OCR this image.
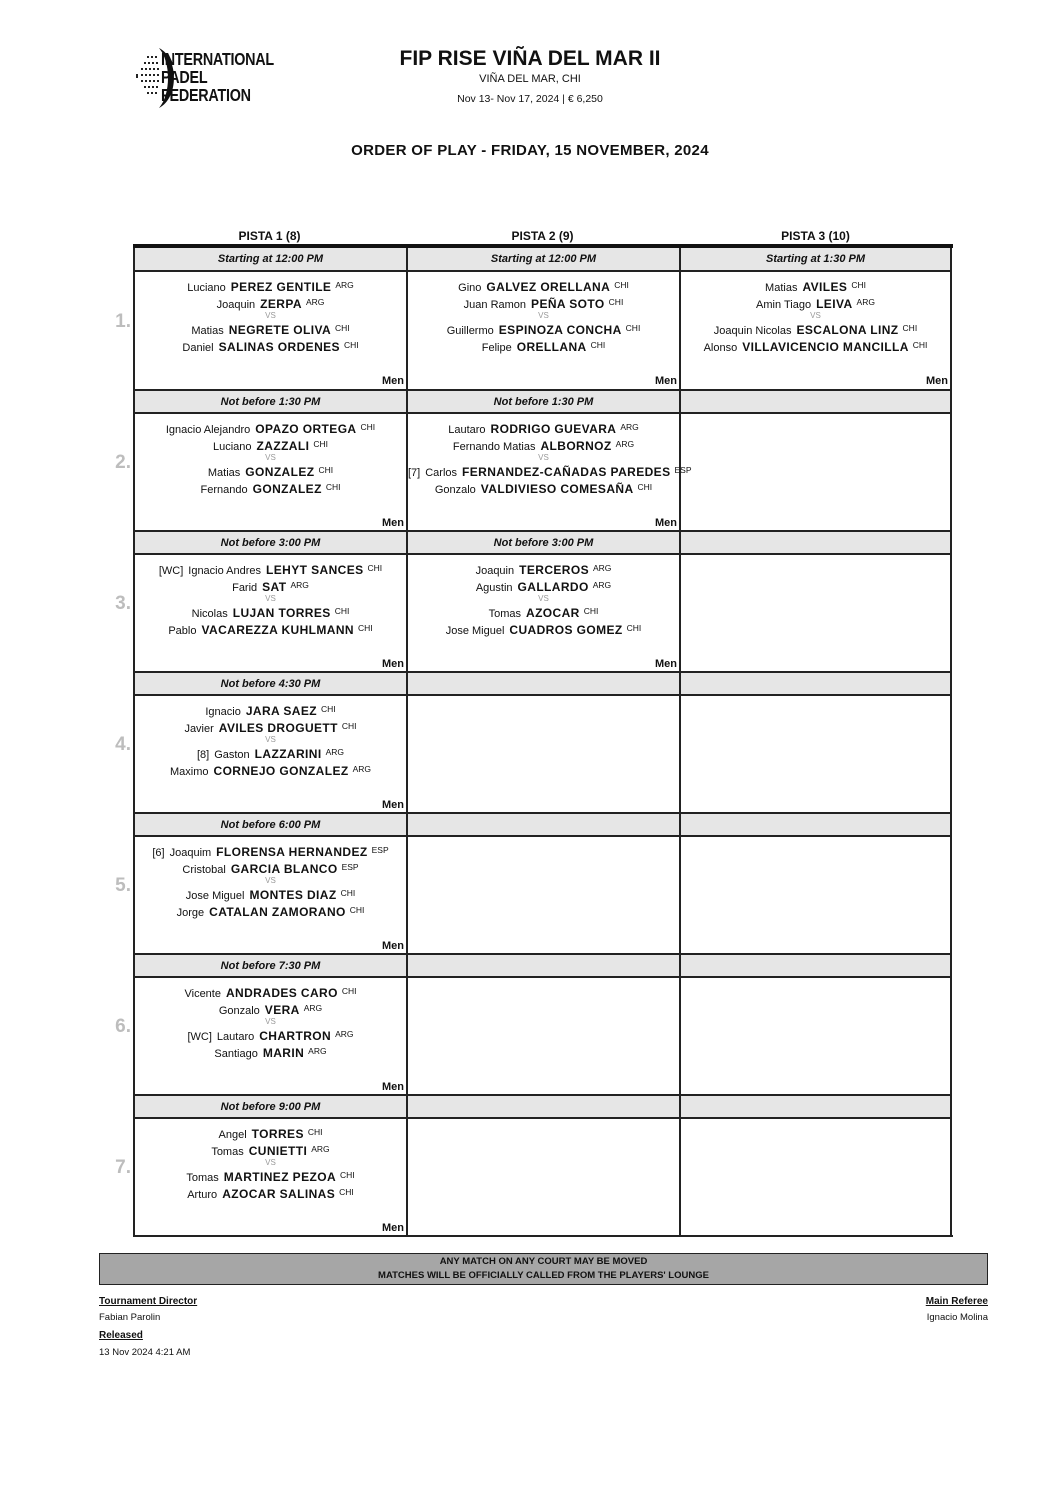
INTERNATIONAL
PADEL
FEDERATION
FIP RISE VIÑA DEL MAR II
VIÑA DEL MAR, CHI
Nov 13- Nov 17, 2024 | € 6,250
ORDER OF PLAY - FRIDAY, 15 NOVEMBER, 2024
PISTA 1 (8)	PISTA 2 (9)	PISTA 3 (10)
1.
Starting at 12:00 PM
Luciano PEREZ GENTILE $^{ARG}$
Joaquin ZERPA $^{ARG}$
VS
Matias NEGRETE OLIVA $^{CHI}$
Daniel SALINAS ORDENES $^{CHI}$
Men
Starting at 12:00 PM
Gino GALVEZ ORELLANA $^{CHI}$
Juan Ramon PEÑA SOTO $^{CHI}$
VS
Guillermo ESPINOZA CONCHA $^{CHI}$
Felipe ORELLANA $^{CHI}$
Men
Starting at 1:30 PM
Matias AVILES $^{CHI}$
Amin Tiago LEIVA $^{ARG}$
VS
Joaquin Nicolas ESCALONA LINZ $^{CHI}$
Alonso VILLAVICENCIO MANCILLA $^{CHI}$
Men
2.
Not before 1:30 PM
Ignacio Alejandro OPAZO ORTEGA $^{CHI}$
Luciano ZAZZALI $^{CHI}$
VS
Matias GONZALEZ $^{CHI}$
Fernando GONZALEZ $^{CHI}$
Men
Not before 1:30 PM
Lautaro RODRIGO GUEVARA $^{ARG}$
Fernando Matias ALBORNOZ $^{ARG}$
VS
[7] Carlos FERNANDEZ-CAÑADAS PAREDES $^{ESP}$
Gonzalo VALDIVIESO COMESAÑA $^{CHI}$
Men
3.
Not before 3:00 PM
[WC] Ignacio Andres LEHYT SANCES $^{CHI}$
Farid SAT $^{ARG}$
VS
Nicolas LUJAN TORRES $^{CHI}$
Pablo VACAREZZA KUHLMANN $^{CHI}$
Men
Not before 3:00 PM
Joaquin TERCEROS $^{ARG}$
Agustin GALLARDO $^{ARG}$
VS
Tomas AZOCAR $^{CHI}$
Jose Miguel CUADROS GOMEZ $^{CHI}$
Men
4.
Not before 4:30 PM
Ignacio JARA SAEZ $^{CHI}$
Javier AVILES DROGUETT $^{CHI}$
VS
[8] Gaston LAZZARINI $^{ARG}$
Maximo CORNEJO GONZALEZ $^{ARG}$
Men
5.
Not before 6:00 PM
[6] Joaquim FLORENSA HERNANDEZ $^{ESP}$
Cristobal GARCIA BLANCO $^{ESP}$
VS
Jose Miguel MONTES DIAZ $^{CHI}$
Jorge CATALAN ZAMORANO $^{CHI}$
Men
6.
Not before 7:30 PM
Vicente ANDRADES CARO $^{CHI}$
Gonzalo VERA $^{ARG}$
VS
[WC] Lautaro CHARTRON $^{ARG}$
Santiago MARIN $^{ARG}$
Men
7.
Not before 9:00 PM
Angel TORRES $^{CHI}$
Tomas CUNIETTI $^{ARG}$
VS
Tomas MARTINEZ PEZOA $^{CHI}$
Arturo AZOCAR SALINAS $^{CHI}$
Men
ANY MATCH ON ANY COURT MAY BE MOVED
MATCHES WILL BE OFFICIALLY CALLED FROM THE PLAYERS' LOUNGE
Tournament Director
Fabian Parolin
Main Referee
Ignacio Molina
Released
13 Nov 2024 4:21 AM
